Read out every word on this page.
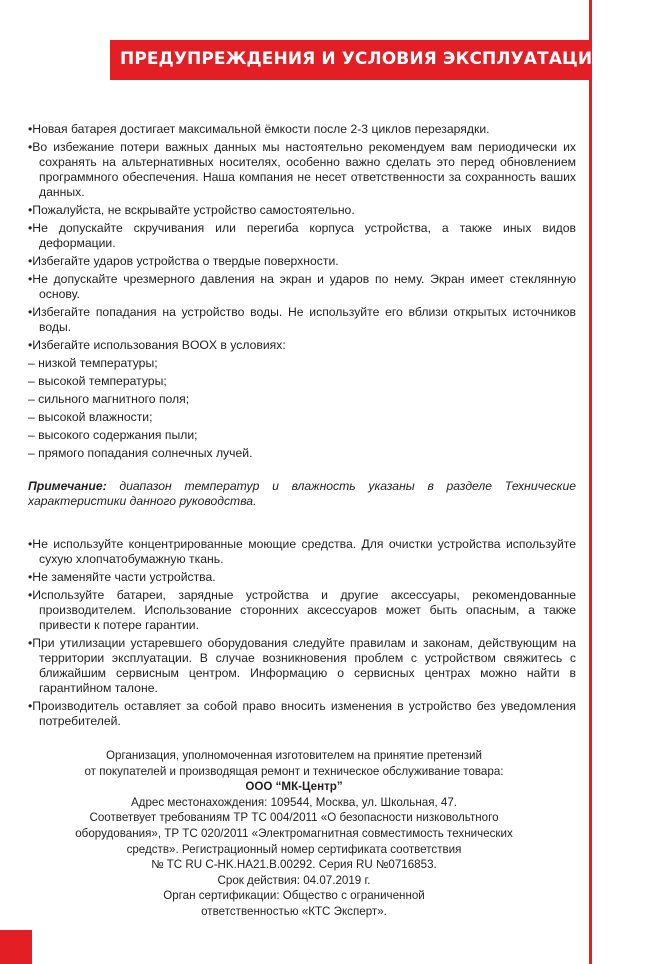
ПРЕДУПРЕЖДЕНИЯ И УСЛОВИЯ ЭКСПЛУАТАЦИИ

•Новая батарея достигает максимальной ёмкости после 2-3 циклов перезарядки.

•Во избежание потери важных данных мы настоятельно рекомендуем вам периодически их сохранять на альтернативных носителях, особенно важно сделать это перед обновлением программного обеспечения. Наша компания не несет ответственности за сохранность ваших данных.

•Пожалуйста, не вскрывайте устройство самостоятельно.

•Не допускайте скручивания или перегиба корпуса устройства, а также иных видов деформации.

•Избегайте ударов устройства о твердые поверхности.

•Не допускайте чрезмерного давления на экран и ударов по нему. Экран имеет стеклянную основу.

•Избегайте попадания на устройство воды. Не используйте его вблизи открытых источников воды.

•Избегайте использования BOOX в условиях:

– низкой температуры;

– высокой температуры;

– сильного магнитного поля;

– высокой влажности;

– высокого содержания пыли;

– прямого попадания солнечных лучей.

Примечание: диапазон температур и влажность указаны в разделе Технические характеристики данного руководства.

•Не используйте концентрированные моющие средства. Для очистки устройства используйте сухую хлопчатобумажную ткань.

•Не заменяйте части устройства.

•Используйте батареи, зарядные устройства и другие аксессуары, рекомендованные производителем. Использование сторонних аксессуаров может быть опасным, а также привести к потере гарантии.

•При утилизации устаревшего оборудования следуйте правилам и законам, действующим на территории эксплуатации. В случае возникновения проблем с устройством свяжитесь с ближайшим сервисным центром. Информацию о сервисных центрах можно найти в гарантийном талоне.

•Производитель оставляет за собой право вносить изменения в устройство без уведомления потребителей.

Организация, уполномоченная изготовителем на принятие претензий

от покупателей и производящая ремонт и техническое обслуживание товара:

ООО “МК-Центр”

Адрес местонахождения: 109544, Москва, ул. Школьная, 47.

Соответвует требованиям ТР ТС 004/2011 «О безопасности низковольтного

оборудования», ТР ТС 020/2011 «Электромагнитная совместимость технических

средств». Регистрационный номер сертификата соответствия

№ TC RU C-HK.HA21.B.00292. Серия RU №0716853.

Срок действия: 04.07.2019 г.

Орган сертификации: Общество с ограниченной

ответственностью «КТС Эксперт».
